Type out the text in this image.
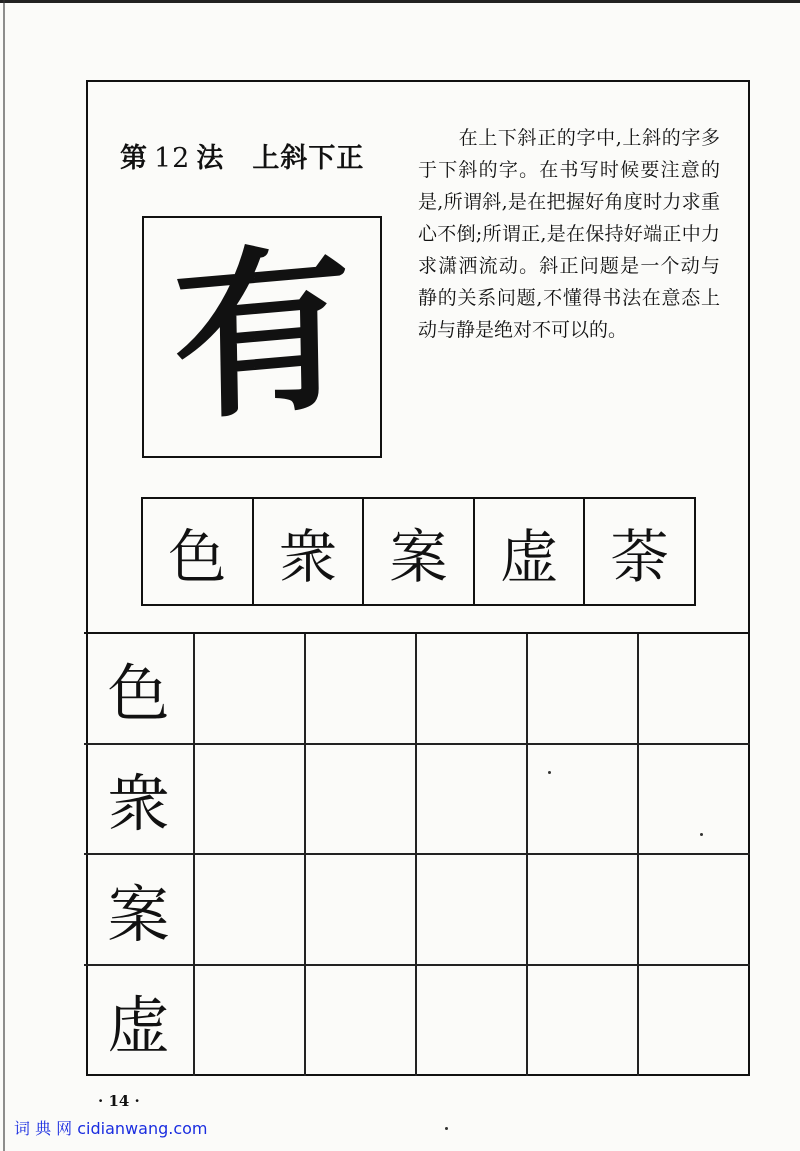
第 12 法 上斜下正
在上下斜正的字中,上斜的字多于下斜的字。在书写时候要注意的是,所谓斜,是在把握好角度时力求重心不倒;所谓正,是在保持好端正中力求潇洒流动。斜正问题是一个动与静的关系问题,不懂得书法在意态上动与静是绝对不可以的。
有
色 衆 案 虚 荼
色
衆
案
虚
· 14 ·
词 典 网 cidianwang.com
